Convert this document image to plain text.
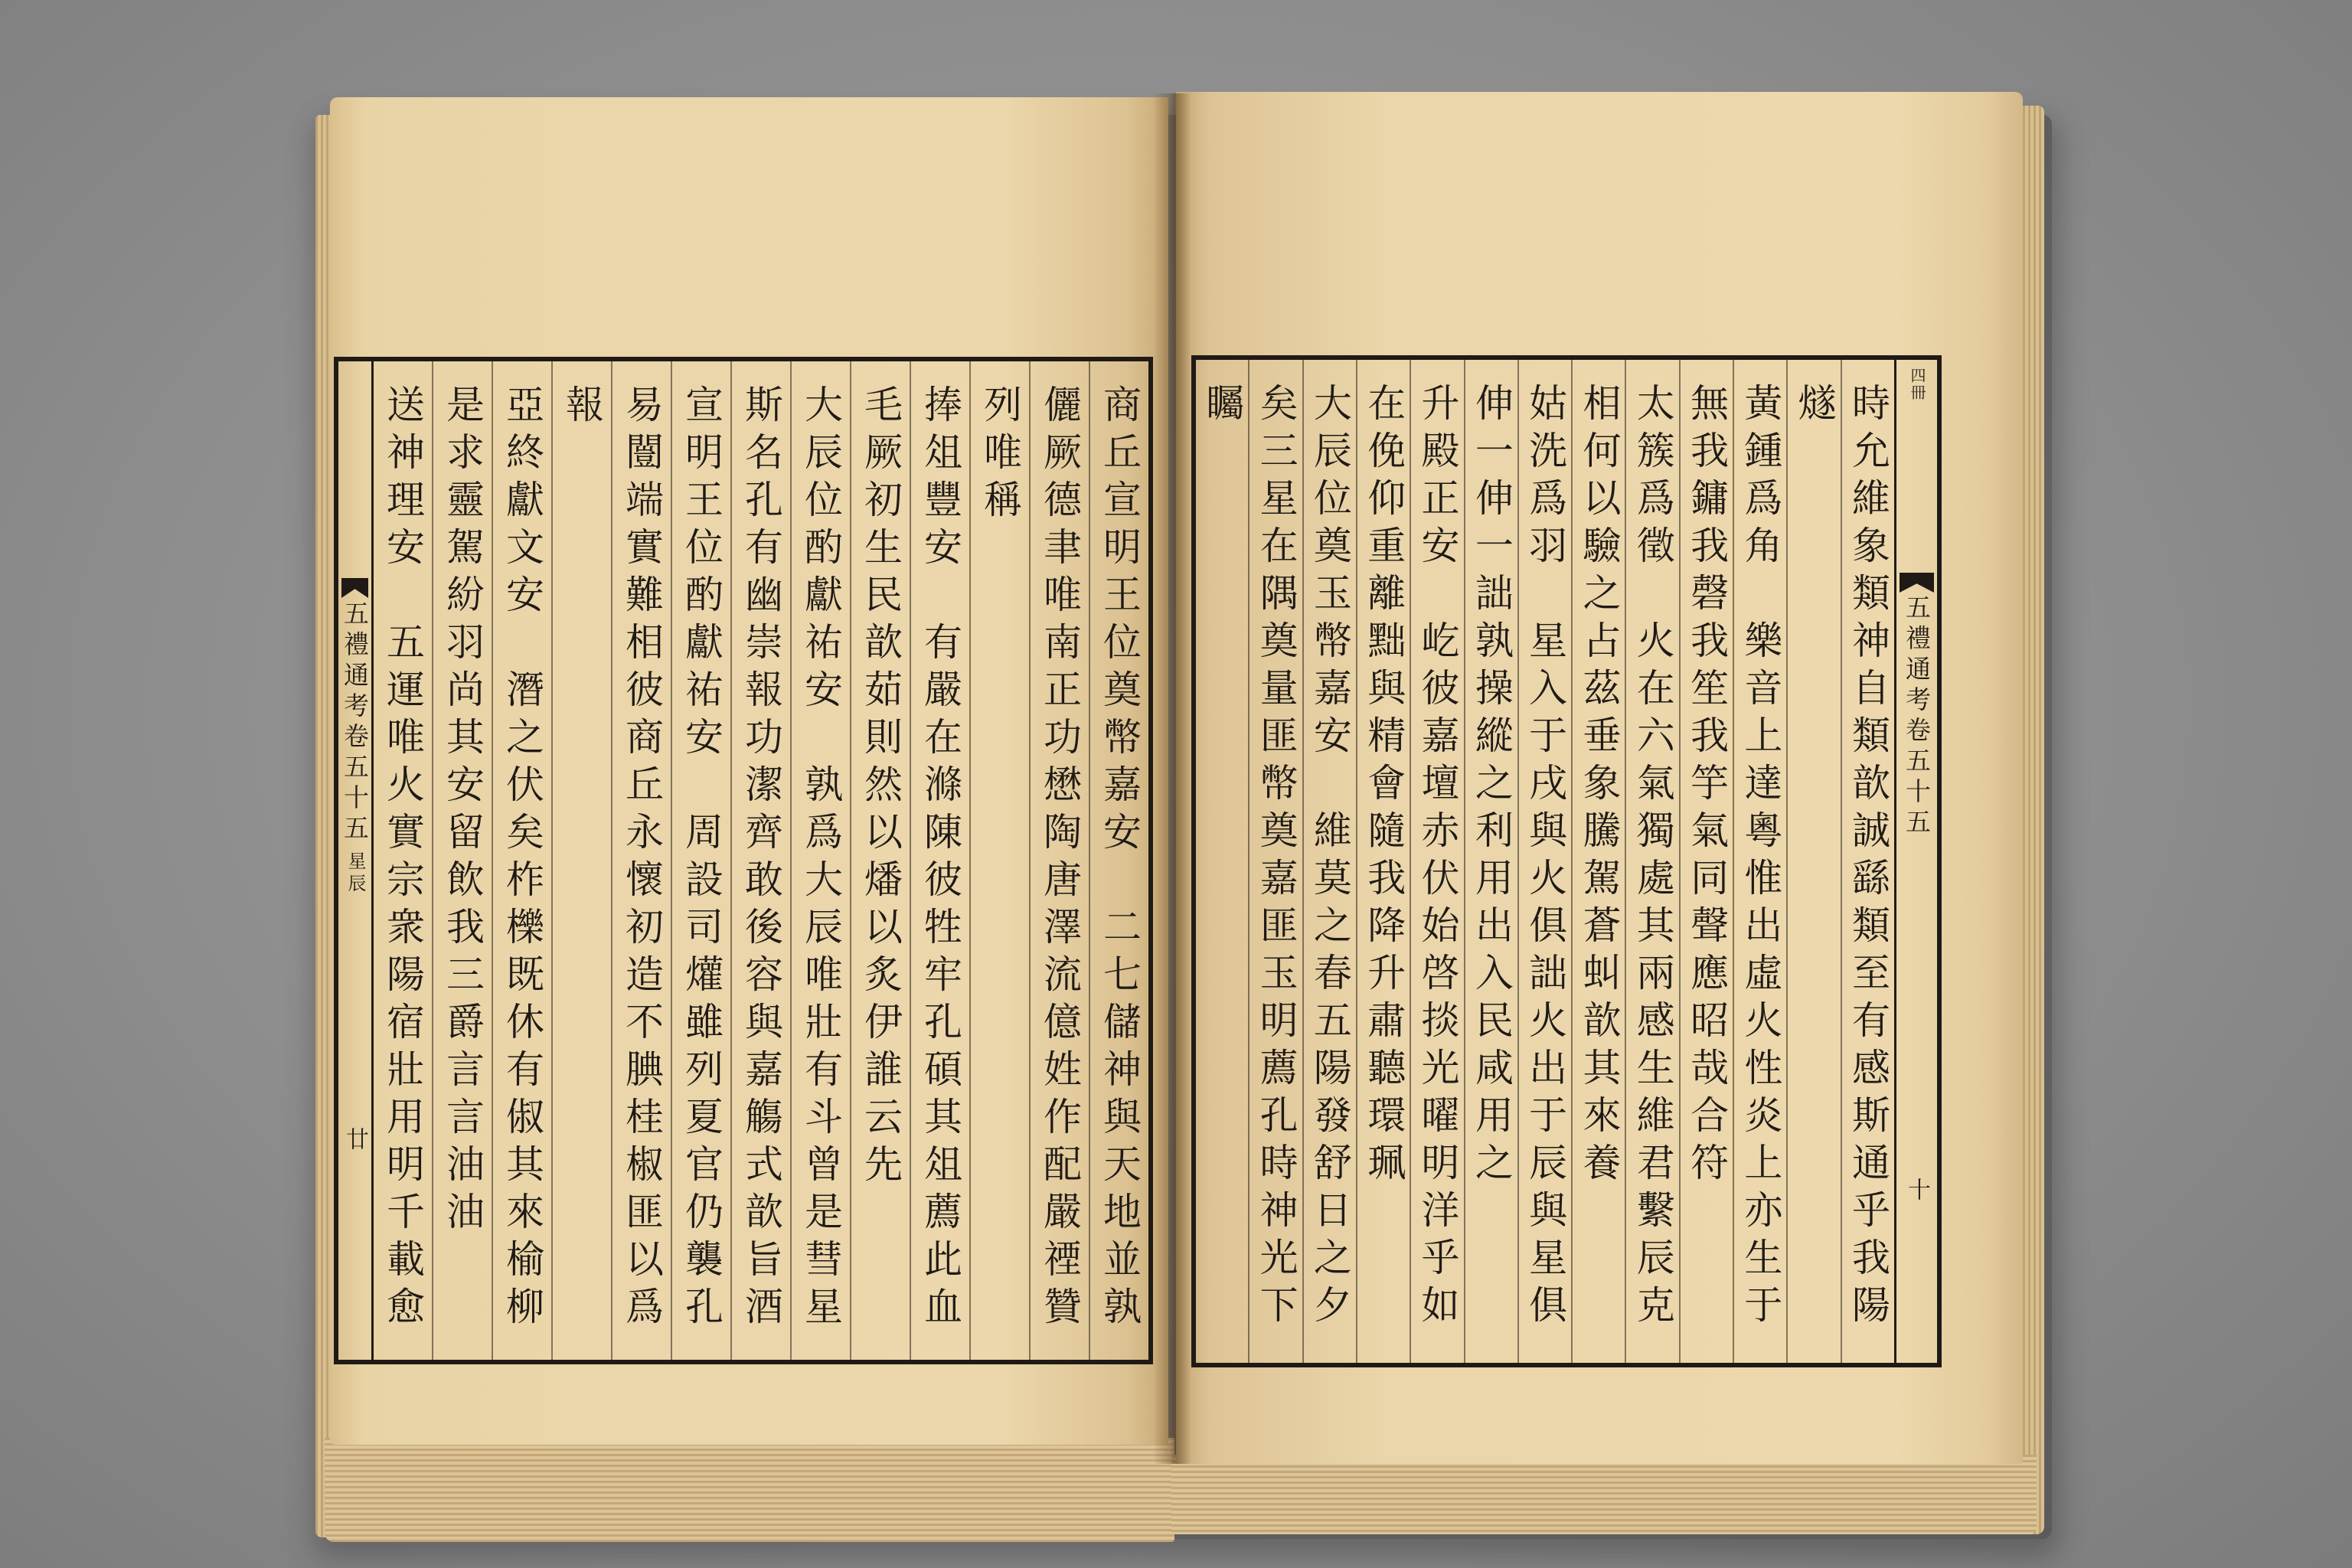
五禮通考卷五十五
星辰
廿	商丘宣明王位奠幣嘉安　二七儲神與天地並孰
儷厥德聿唯南正功懋陶唐澤流億姓作配嚴禋贊
列唯稱
捧俎豐安　有嚴在滌陳彼牲牢孔碩其俎薦此血
毛厥初生民歆茹則然以燔以炙伊誰云先
大辰位酌獻祐安　孰爲大辰唯壯有斗曾是彗星
斯名孔有幽崇報功潔齊敢後容與嘉觴式歆旨酒
宣明王位酌獻祐安　周設司爟雖列夏官仍襲孔
易闓端實難相彼商丘永懷初造不腆桂椒匪以爲
報
亞終獻文安　潛之伏矣柞櫟既休有俶其來榆柳
是求靈駕紛羽尚其安留飲我三爵言言油油
送神理安　五運唯火實宗衆陽宿壯用明千載愈	時允維象類神自類歆誠繇類至有感斯通乎我陽
燧
黃鍾爲角　樂音上達粵惟出虛火性炎上亦生于
無我鏞我磬我笙我竽氣同聲應昭哉合符
太簇爲徵　火在六氣獨處其兩感生維君繫辰克
相何以驗之占茲垂象騰駕蒼虯歆其來養
姑洗爲羽　星入于戌與火俱詘火出于辰與星俱
伸一伸一詘孰操縱之利用出入民咸用之
升殿正安　屹彼嘉壇赤伏始啓掞光曜明洋乎如
在俛仰重離黜與精會隨我降升肅聽環珮
大辰位奠玉幣嘉安　維莫之春五陽發舒日之夕
矣三星在隅奠量匪幣奠嘉匪玉明薦孔時神光下
矚	四冊
五禮通考卷五十五
十
